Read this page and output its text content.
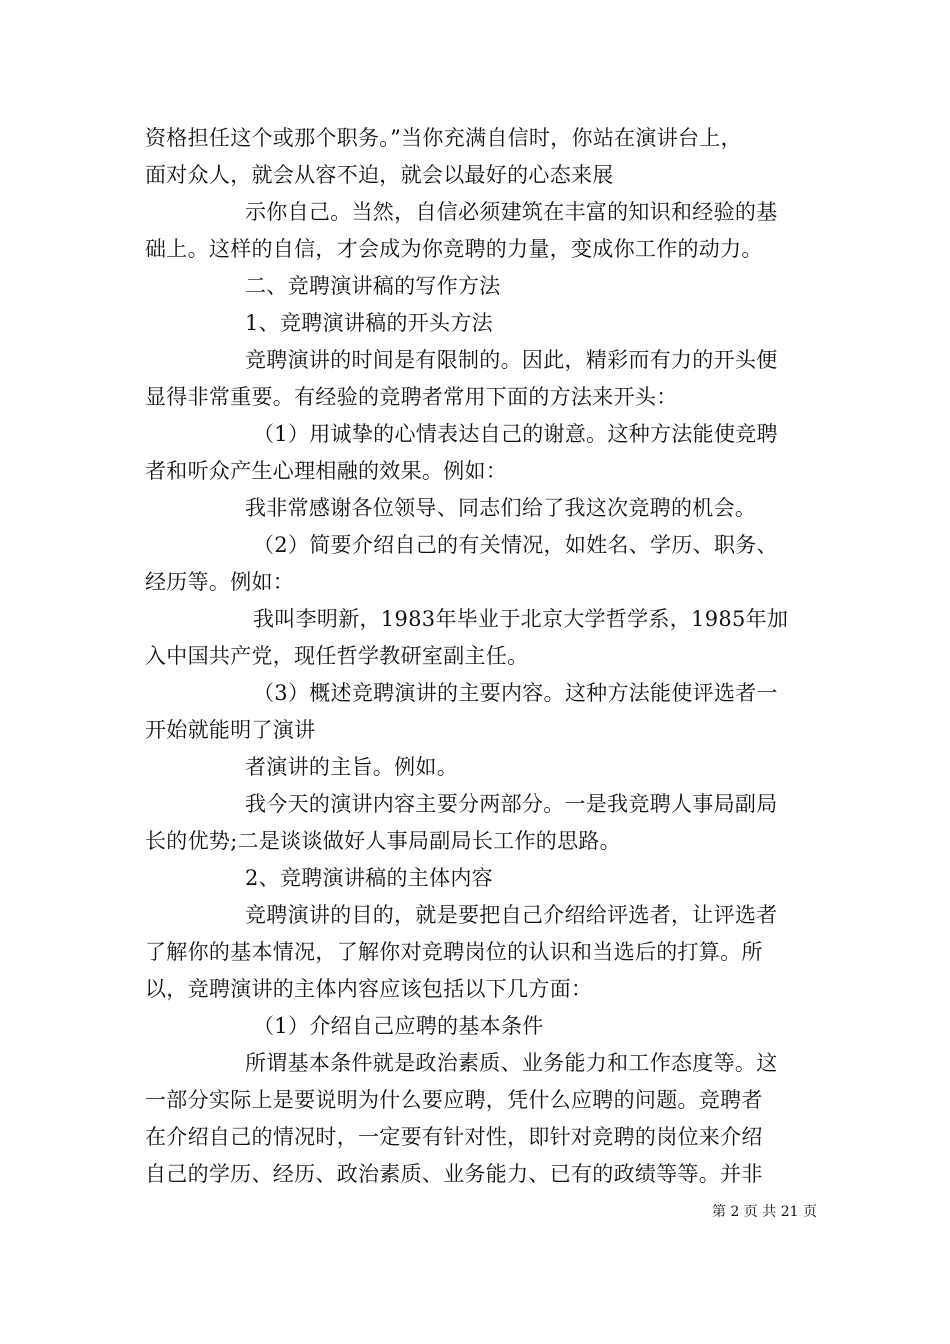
资格担任这个或那个职务。”当你充满自信时，你站在演讲台上，
面对众人，就会从容不迫，就会以最好的心态来展
示你自己。当然，自信必须建筑在丰富的知识和经验的基
础上。这样的自信，才会成为你竞聘的力量，变成你工作的动力。
二、竞聘演讲稿的写作方法
1、竞聘演讲稿的开头方法
竞聘演讲的时间是有限制的。因此，精彩而有力的开头便
显得非常重要。有经验的竞聘者常用下面的方法来开头：
（1）用诚挚的心情表达自己的谢意。这种方法能使竞聘
者和听众产生心理相融的效果。例如：
我非常感谢各位领导、同志们给了我这次竞聘的机会。
（2）简要介绍自己的有关情况，如姓名、学历、职务、
经历等。例如：
我叫李明新，1983年毕业于北京大学哲学系，1985年加
入中国共产党，现任哲学教研室副主任。
（3）概述竞聘演讲的主要内容。这种方法能使评选者一
开始就能明了演讲
者演讲的主旨。例如。
我今天的演讲内容主要分两部分。一是我竞聘人事局副局
长的优势;二是谈谈做好人事局副局长工作的思路。
2、竞聘演讲稿的主体内容
竞聘演讲的目的，就是要把自己介绍给评选者，让评选者
了解你的基本情况，了解你对竞聘岗位的认识和当选后的打算。所
以，竞聘演讲的主体内容应该包括以下几方面：
（1）介绍自己应聘的基本条件
所谓基本条件就是政治素质、业务能力和工作态度等。这
一部分实际上是要说明为什么要应聘，凭什么应聘的问题。竞聘者
在介绍自己的情况时，一定要有针对性，即针对竞聘的岗位来介绍
自己的学历、经历、政治素质、业务能力、已有的政绩等等。并非
第 2 页 共 21 页
